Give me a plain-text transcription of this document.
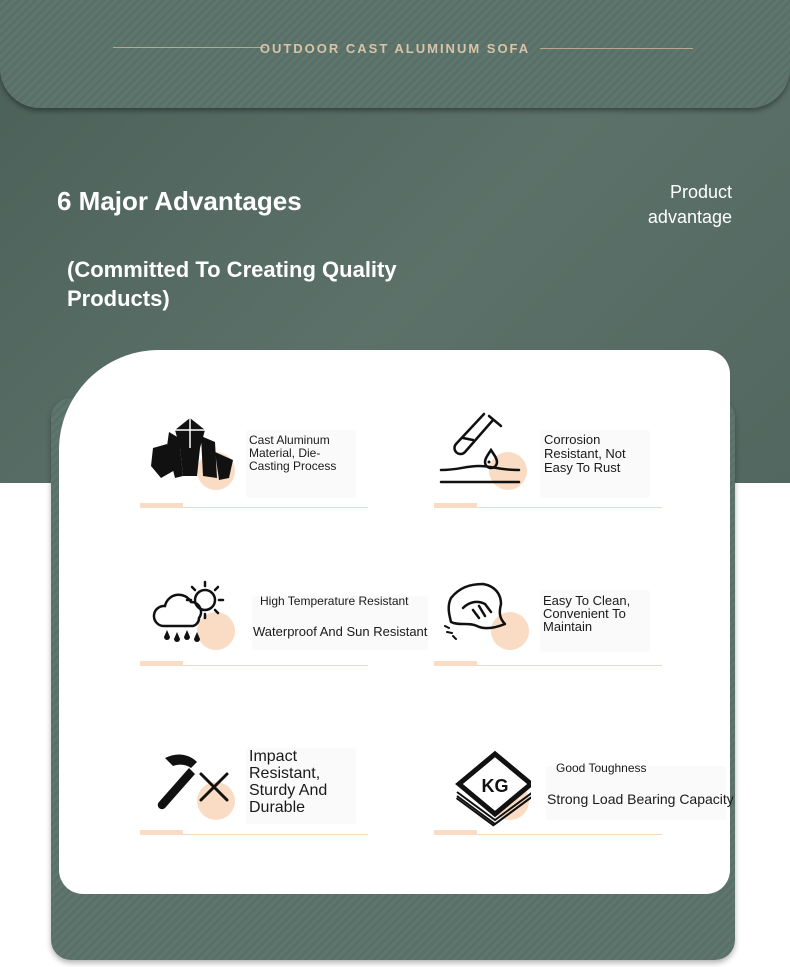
OUTDOOR CAST ALUMINUM SOFA
6 Major Advantages
(Committed To Creating Quality Products)
Product advantage
Cast Aluminum Material, Die-Casting Process
Corrosion Resistant, Not Easy To Rust
High Temperature Resistant
Waterproof And Sun Resistant
Easy To Clean, Convenient To Maintain
Impact Resistant, Sturdy And Durable
KG
Good Toughness
Strong Load Bearing Capacity
